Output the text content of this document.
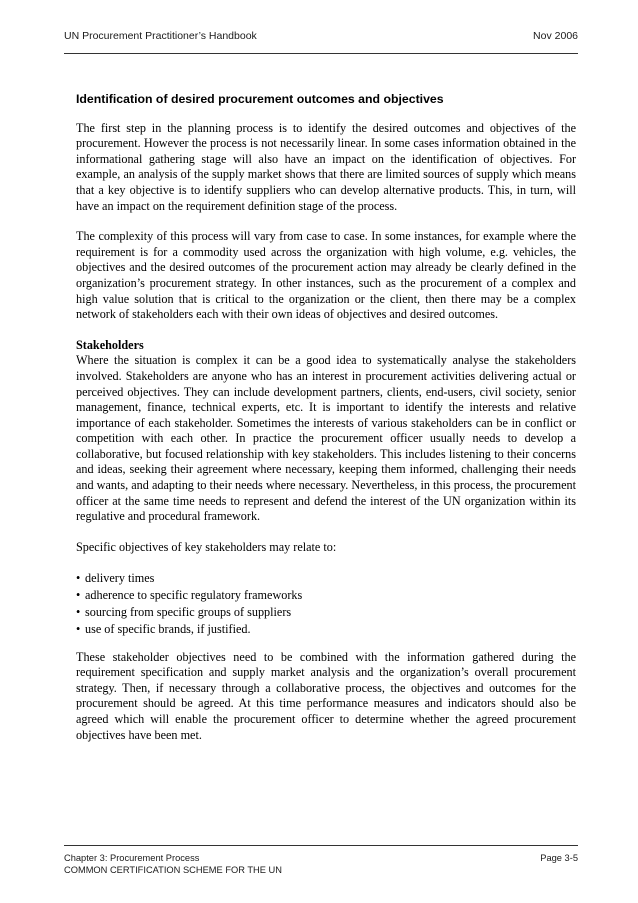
UN Procurement Practitioner’s Handbook	Nov 2006
Identification of desired procurement outcomes and objectives

The first step in the planning process is to identify the desired outcomes and objectives of the procurement. However the process is not necessarily linear. In some cases information obtained in the informational gathering stage will also have an impact on the identification of objectives. For example, an analysis of the supply market shows that there are limited sources of supply which means that a key objective is to identify suppliers who can develop alternative products. This, in turn, will have an impact on the requirement definition stage of the process.

The complexity of this process will vary from case to case. In some instances, for example where the requirement is for a commodity used across the organization with high volume, e.g. vehicles, the objectives and the desired outcomes of the procurement action may already be clearly defined in the organization’s procurement strategy. In other instances, such as the procurement of a complex and high value solution that is critical to the organization or the client, then there may be a complex network of stakeholders each with their own ideas of objectives and desired outcomes.

Stakeholders
Where the situation is complex it can be a good idea to systematically analyse the stakeholders involved. Stakeholders are anyone who has an interest in procurement activities delivering actual or perceived objectives. They can include development partners, clients, end-users, civil society, senior management, finance, technical experts, etc. It is important to identify the interests and relative importance of each stakeholder. Sometimes the interests of various stakeholders can be in conflict or competition with each other. In practice the procurement officer usually needs to develop a collaborative, but focused relationship with key stakeholders. This includes listening to their concerns and ideas, seeking their agreement where necessary, keeping them informed, challenging their needs and wants, and adapting to their needs where necessary. Nevertheless, in this process, the procurement officer at the same time needs to represent and defend the interest of the UN organization within its regulative and procedural framework.

Specific objectives of key stakeholders may relate to:

• delivery times
• adherence to specific regulatory frameworks
• sourcing from specific groups of suppliers
• use of specific brands, if justified.

These stakeholder objectives need to be combined with the information gathered during the requirement specification and supply market analysis and the organization’s overall procurement strategy. Then, if necessary through a collaborative process, the objectives and outcomes for the procurement should be agreed. At this time performance measures and indicators should also be agreed which will enable the procurement officer to determine whether the agreed procurement objectives have been met.

Chapter 3: Procurement Process
COMMON CERTIFICATION SCHEME FOR THE UN
Page 3-5
